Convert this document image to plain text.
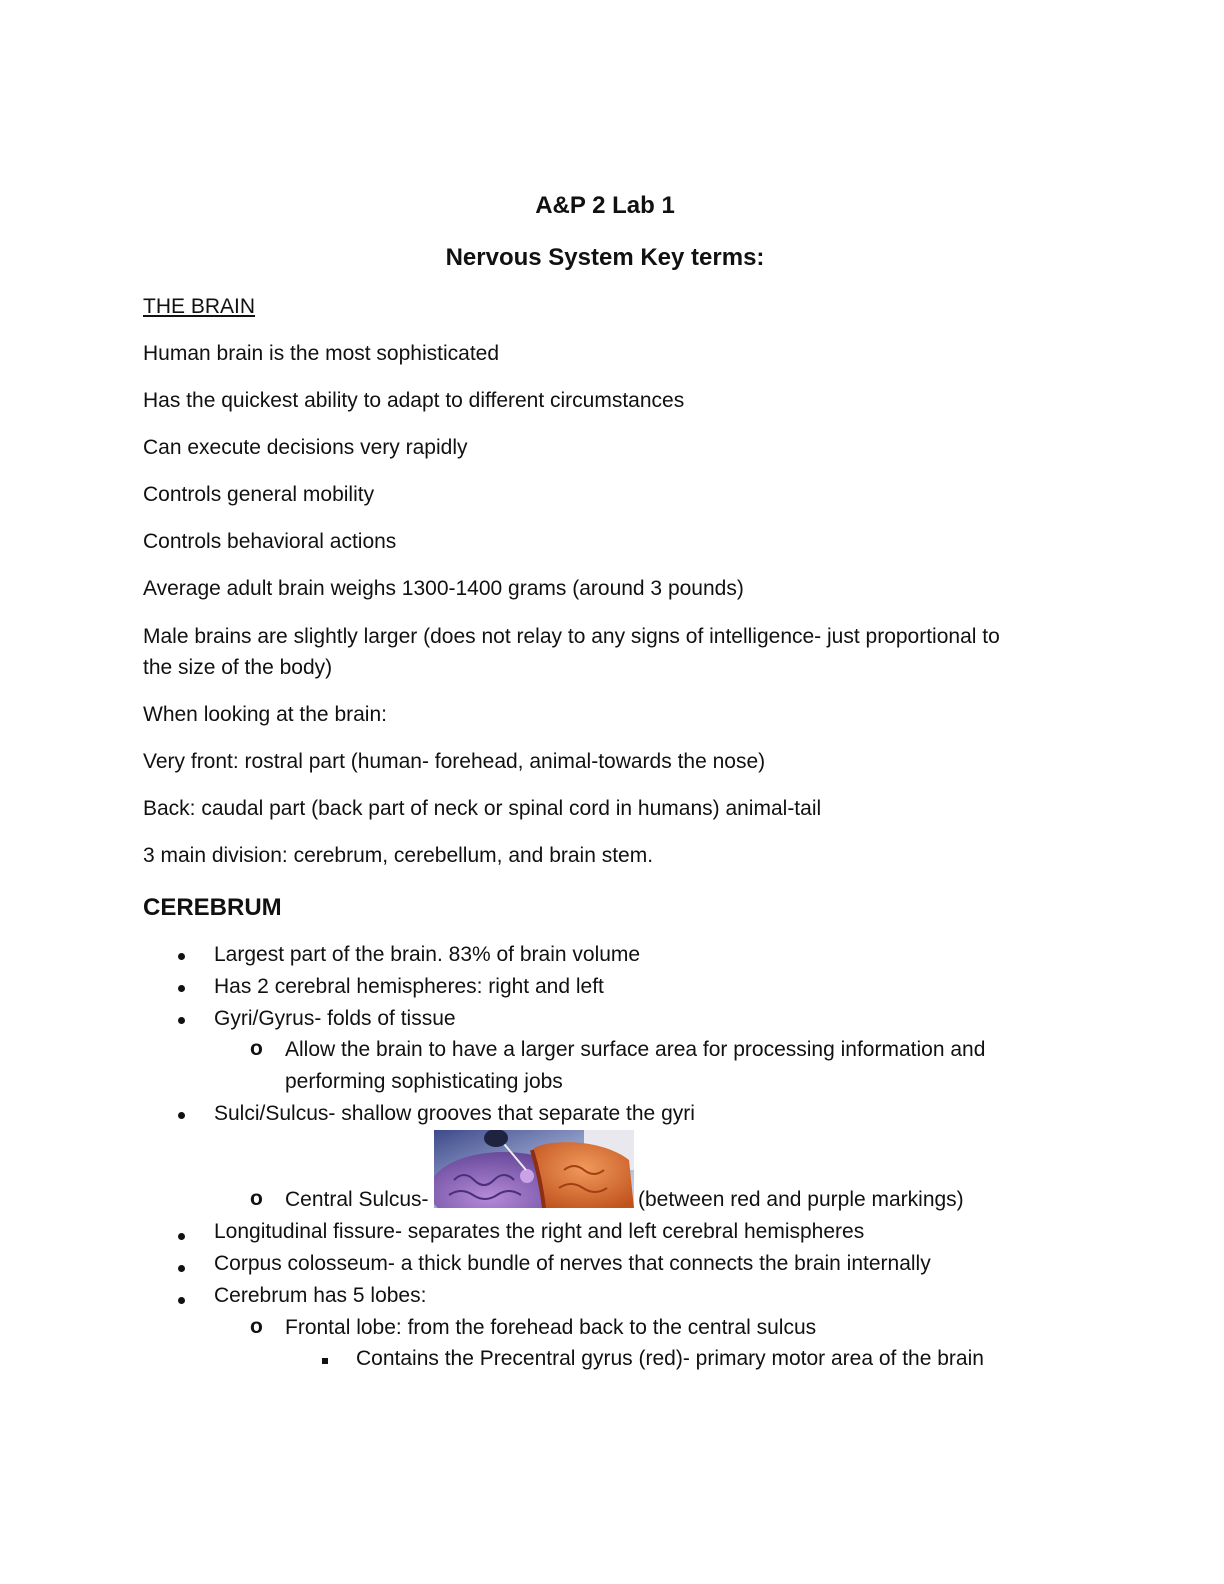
A&P 2 Lab 1
Nervous System Key terms:
THE BRAIN
Human brain is the most sophisticated
Has the quickest ability to adapt to different circumstances
Can execute decisions very rapidly
Controls general mobility
Controls behavioral actions
Average adult brain weighs 1300-1400 grams (around 3 pounds)
Male brains are slightly larger (does not relay to any signs of intelligence- just proportional to
the size of the body)
When looking at the brain:
Very front: rostral part (human- forehead, animal-towards the nose)
Back: caudal part (back part of neck or spinal cord in humans) animal-tail
3 main division: cerebrum, cerebellum, and brain stem.
CEREBRUM
Largest part of the brain. 83% of brain volume
Has 2 cerebral hemispheres: right and left
Gyri/Gyrus- folds of tissue
o Allow the brain to have a larger surface area for processing information and
performing sophisticating jobs
Sulci/Sulcus- shallow grooves that separate the gyri
o Central Sulcus-	(between red and purple markings)
Longitudinal fissure- separates the right and left cerebral hemispheres
Corpus colosseum- a thick bundle of nerves that connects the brain internally
Cerebrum has 5 lobes:
o Frontal lobe: from the forehead back to the central sulcus
Contains the Precentral gyrus (red)- primary motor area of the brain
